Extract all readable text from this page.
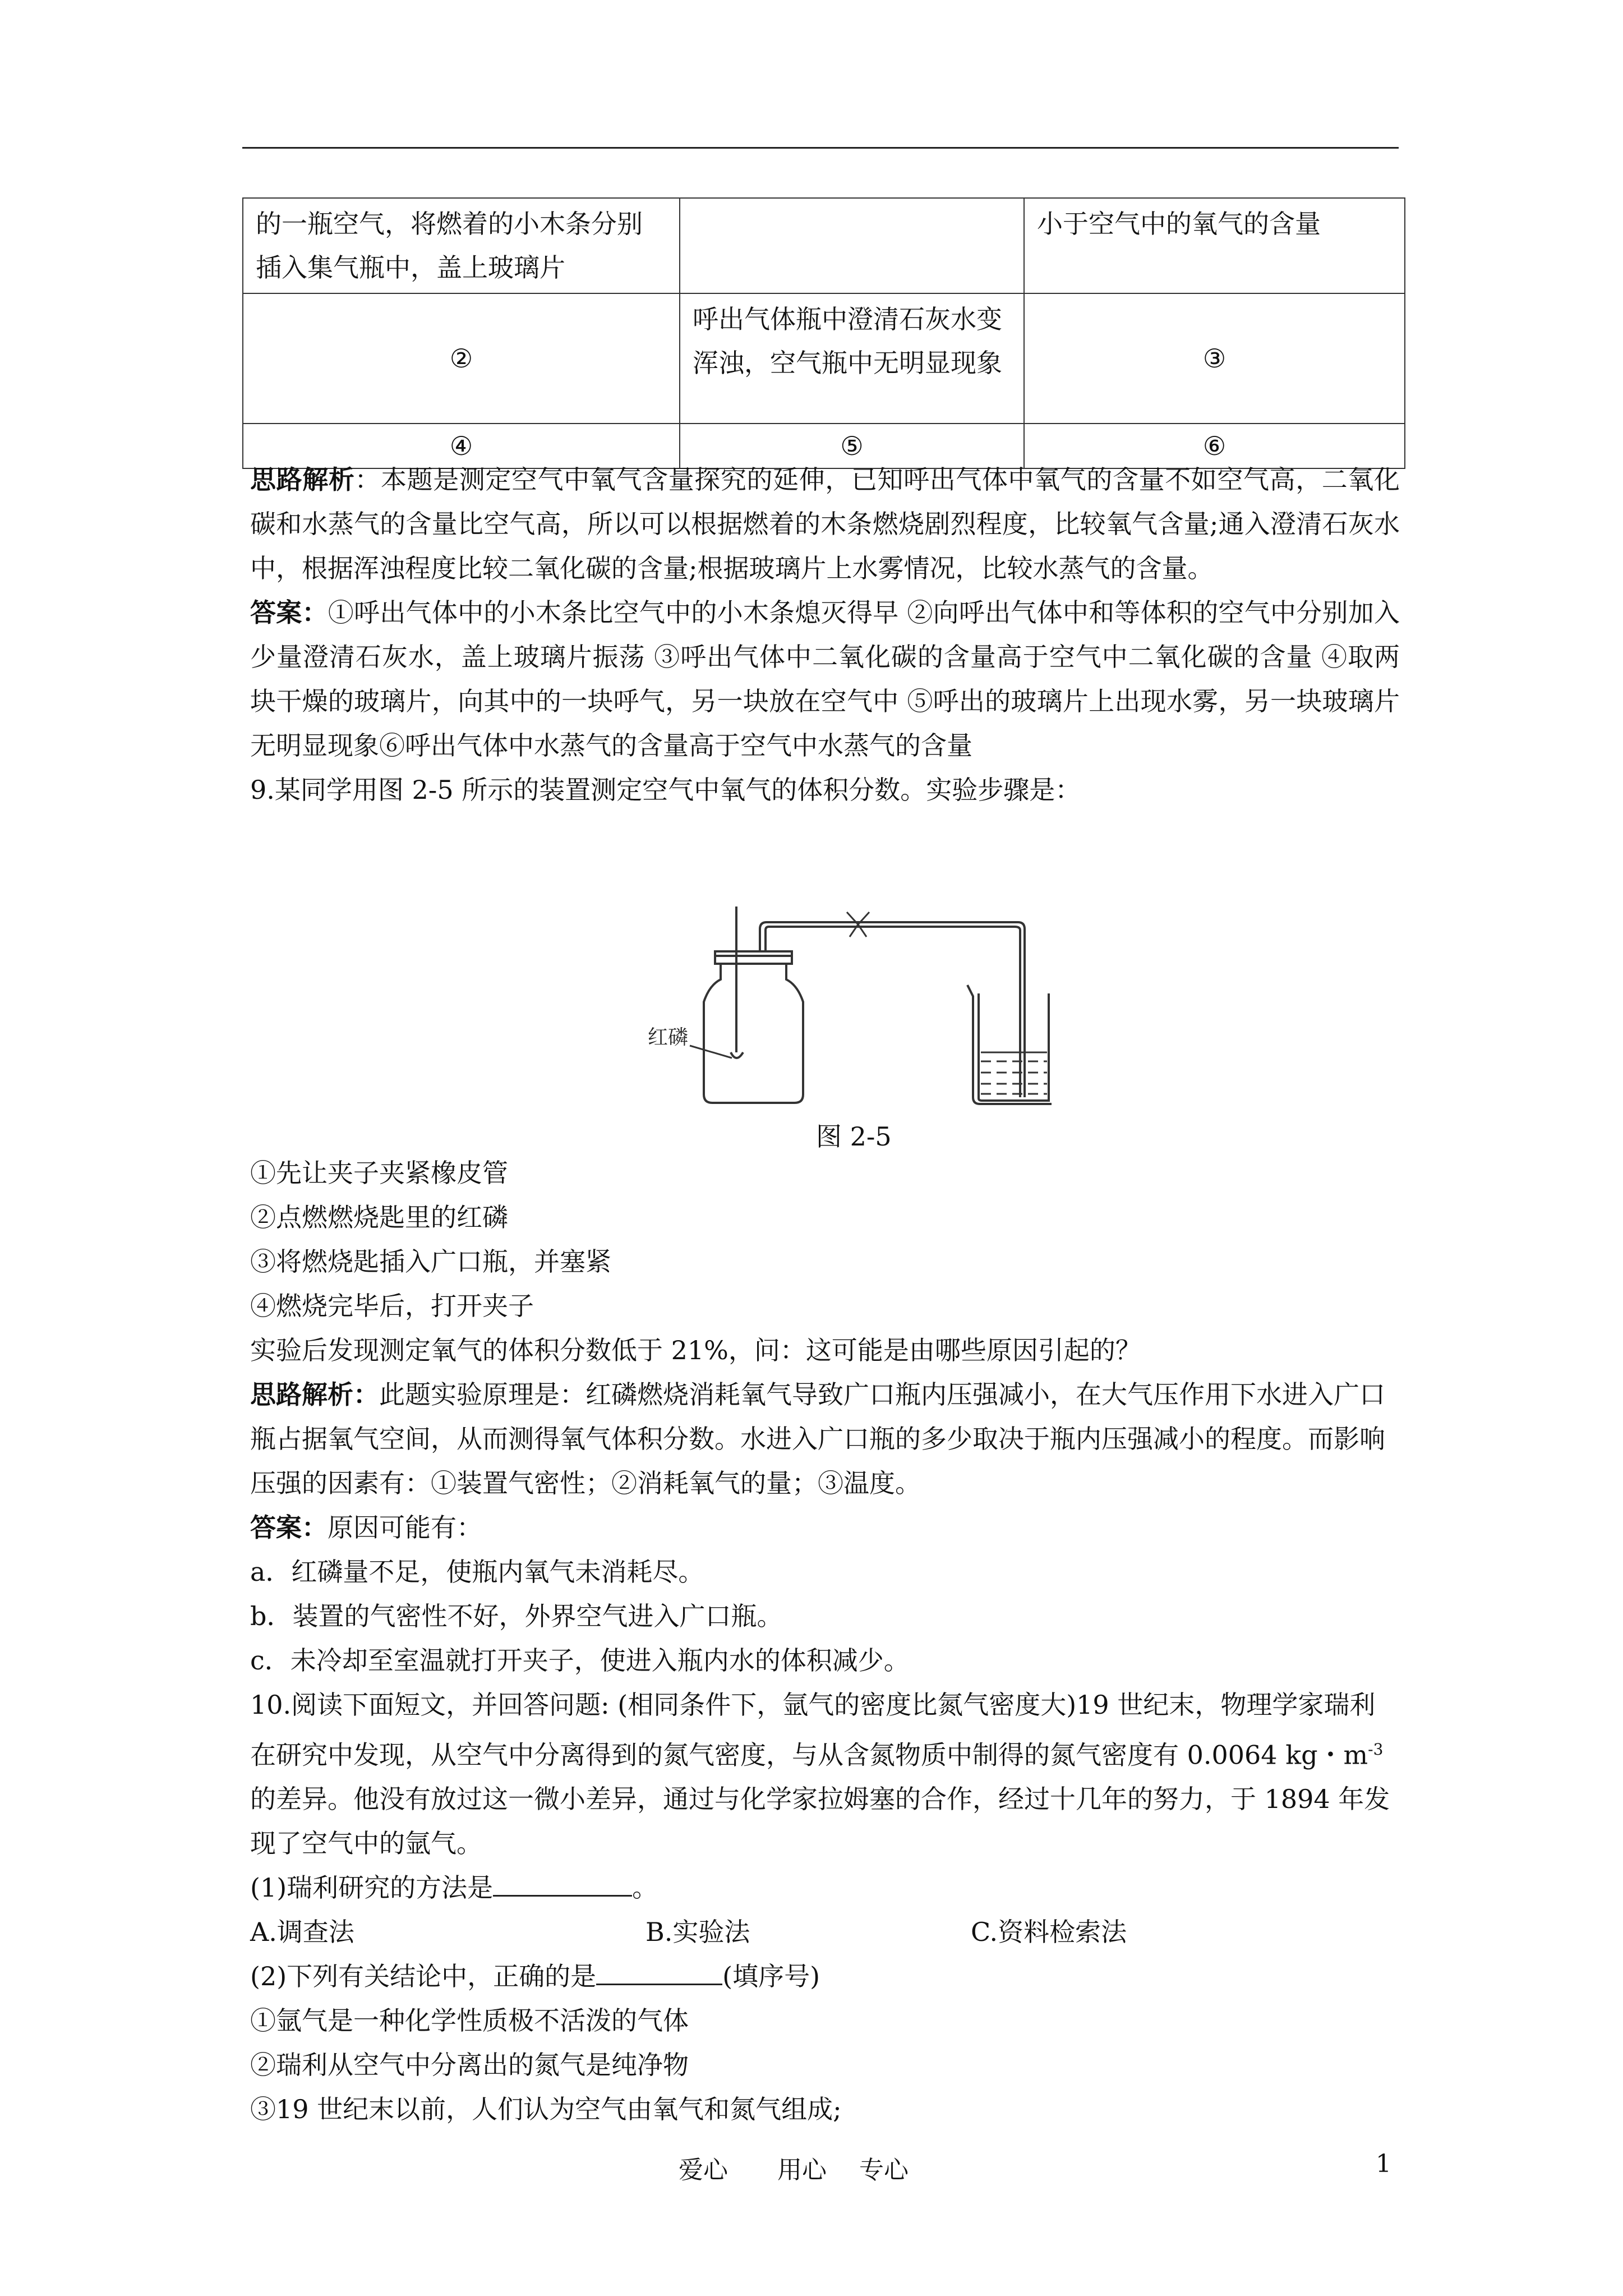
的一瓶空气，将燃着的小木条分别插入集气瓶中，盖上玻璃片		小于空气中的氧气的含量
②	呼出气体瓶中澄清石灰水变浑浊，空气瓶中无明显现象	③
④	⑤	⑥

思路解析：本题是测定空气中氧气含量探究的延伸，已知呼出气体中氧气的含量不如空气高，二氧化碳和水蒸气的含量比空气高，所以可以根据燃着的木条燃烧剧烈程度，比较氧气含量;通入澄清石灰水中，根据浑浊程度比较二氧化碳的含量;根据玻璃片上水雾情况，比较水蒸气的含量。

答案：①呼出气体中的小木条比空气中的小木条熄灭得早 ②向呼出气体中和等体积的空气中分别加入少量澄清石灰水，盖上玻璃片振荡 ③呼出气体中二氧化碳的含量高于空气中二氧化碳的含量 ④取两块干燥的玻璃片，向其中的一块呼气，另一块放在空气中 ⑤呼出的玻璃片上出现水雾，另一块玻璃片无明显现象⑥呼出气体中水蒸气的含量高于空气中水蒸气的含量

9.某同学用图 2-5 所示的装置测定空气中氧气的体积分数。实验步骤是：

红磷
图 2-5

①先让夹子夹紧橡皮管

②点燃燃烧匙里的红磷

③将燃烧匙插入广口瓶，并塞紧

④燃烧完毕后，打开夹子

实验后发现测定氧气的体积分数低于 21%，问：这可能是由哪些原因引起的？

思路解析：此题实验原理是：红磷燃烧消耗氧气导致广口瓶内压强减小，在大气压作用下水进入广口瓶占据氧气空间，从而测得氧气体积分数。水进入广口瓶的多少取决于瓶内压强减小的程度。而影响压强的因素有：①装置气密性；②消耗氧气的量；③温度。

答案：原因可能有：

a．红磷量不足，使瓶内氧气未消耗尽。

b．装置的气密性不好，外界空气进入广口瓶。

c．未冷却至室温就打开夹子，使进入瓶内水的体积减少。

10.阅读下面短文，并回答问题: (相同条件下，氩气的密度比氮气密度大)19 世纪末，物理学家瑞利在研究中发现，从空气中分离得到的氮气密度，与从含氮物质中制得的氮气密度有 0.0064 kg・$m^{-3}$ 的差异。他没有放过这一微小差异，通过与化学家拉姆塞的合作，经过十几年的努力，于 1894 年发现了空气中的氩气。

(1)瑞利研究的方法是	。

A.调查法	B.实验法	C.资料检索法

(2)下列有关结论中，正确的是	(填序号)

①氩气是一种化学性质极不活泼的气体

②瑞利从空气中分离出的氮气是纯净物

③19 世纪末以前，人们认为空气由氧气和氮气组成;

爱心　　用心　 专心	1
